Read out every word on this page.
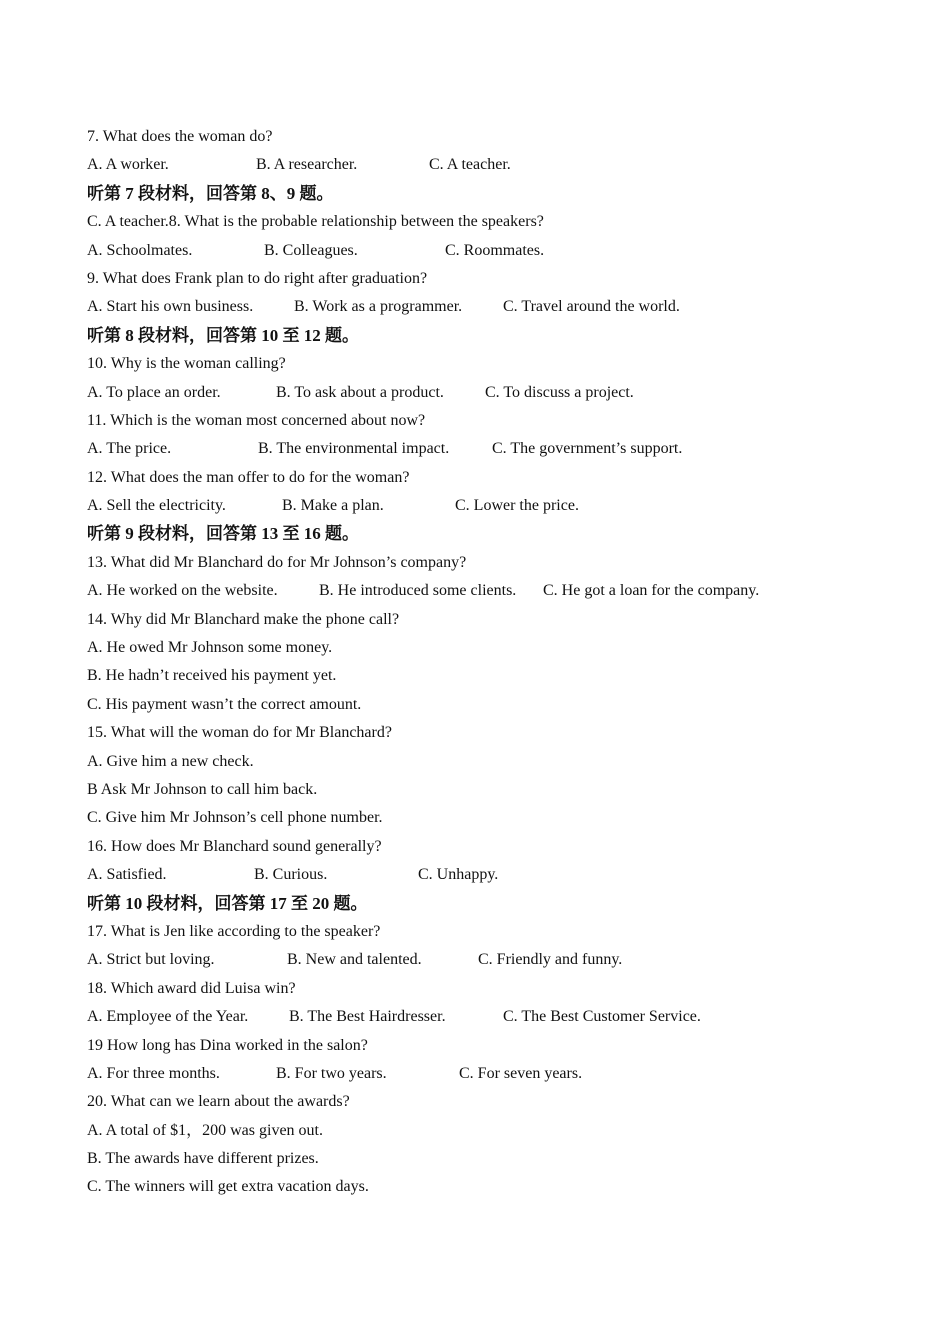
7. What does the woman do?
A. A worker.	B. A researcher.	C. A teacher.
听第 7 段材料，回答第 8、9 题。
C. A teacher.8. What is the probable relationship between the speakers?
A. Schoolmates.	B. Colleagues.	C. Roommates.
9. What does Frank plan to do right after graduation?
A. Start his own business.	B. Work as a programmer.	C. Travel around the world.
听第 8 段材料，回答第 10 至 12 题。
10. Why is the woman calling?
A. To place an order.	B. To ask about a product.	C. To discuss a project.
11. Which is the woman most concerned about now?
A. The price.	B. The environmental impact.	C. The government’s support.
12. What does the man offer to do for the woman?
A. Sell the electricity.	B. Make a plan.	C. Lower the price.
听第 9 段材料，回答第 13 至 16 题。
13. What did Mr Blanchard do for Mr Johnson’s company?
A. He worked on the website.	B. He introduced some clients. C. He got a loan for the company.
14. Why did Mr Blanchard make the phone call?
A. He owed Mr Johnson some money.
B. He hadn’t received his payment yet.
C. His payment wasn’t the correct amount.
15. What will the woman do for Mr Blanchard?
A. Give him a new check.
B Ask Mr Johnson to call him back.
C. Give him Mr Johnson’s cell phone number.
16. How does Mr Blanchard sound generally?
A. Satisfied.	B. Curious.	C. Unhappy.
听第 10 段材料，回答第 17 至 20 题。
17. What is Jen like according to the speaker?
A. Strict but loving.	B. New and talented.	C. Friendly and funny.
18. Which award did Luisa win?
A. Employee of the Year.	B. The Best Hairdresser.	C. The Best Customer Service.
19 How long has Dina worked in the salon?
A. For three months.	B. For two years.	C. For seven years.
20. What can we learn about the awards?
A. A total of $1，200 was given out.
B. The awards have different prizes.
C. The winners will get extra vacation days.
